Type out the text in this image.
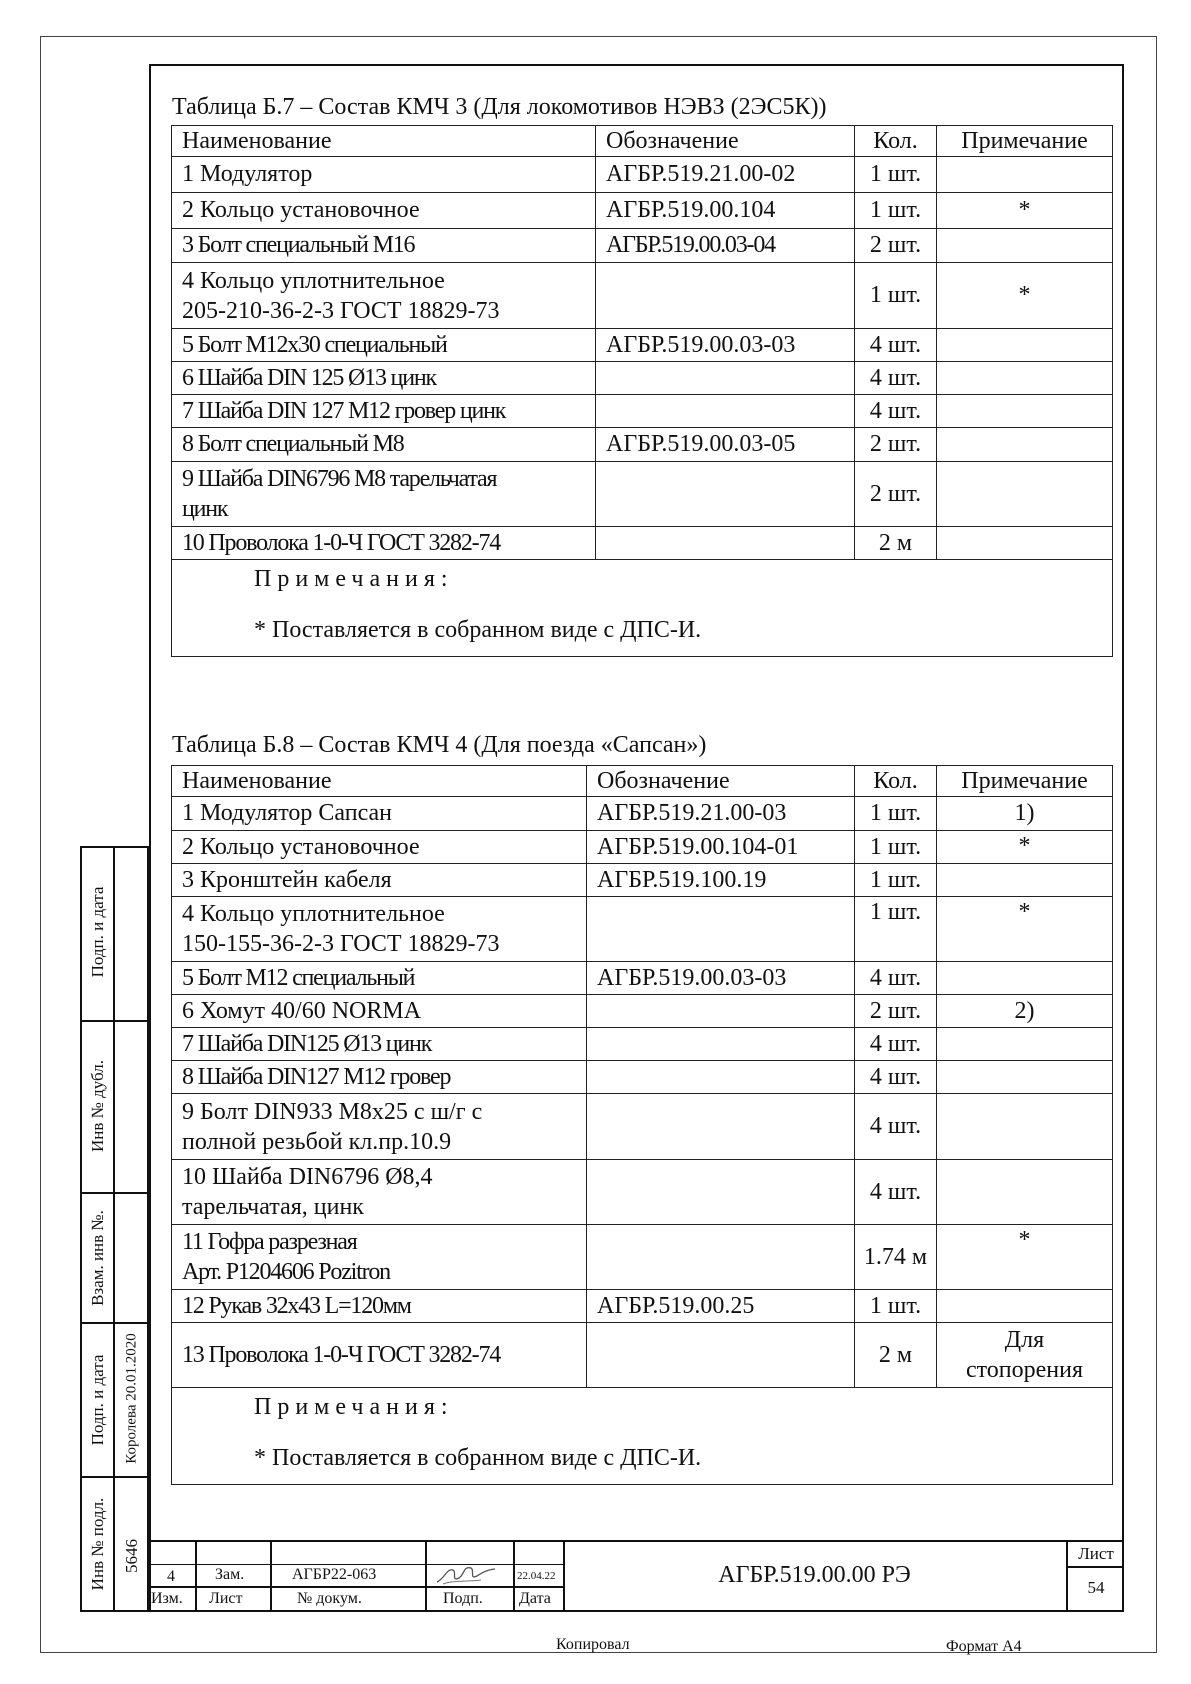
Таблица Б.7 – Состав КМЧ 3 (Для локомотивов НЭВЗ (2ЭС5К))
Наименование	Обозначение	Кол.	Примечание
1 Модулятор	АГБР.519.21.00-02	1 шт.	
2 Кольцо установочное	АГБР.519.00.104	1 шт.	*
3 Болт специальный М16	АГБР.519.00.03-04	2 шт.	

4 Кольцо уплотнительное
205-210-36-2-3 ГОСТ 18829-73		1 шт.	*
5 Болт М12х30 специальный	АГБР.519.00.03-03	4 шт.	
6 Шайба DIN 125 Ø13 цинк		4 шт.	
7 Шайба DIN 127 М12 гровер цинк		4 шт.	
8 Болт специальный М8	АГБР.519.00.03-05	2 шт.	

9 Шайба DIN6796 М8 тарельчатая
цинк		2 шт.	
10 Проволока 1-0-Ч ГОСТ 3282-74		2 м	

Примечания:
* Поставляется в собранном виде с ДПС-И.			
Таблица Б.8 – Состав КМЧ 4 (Для поезда «Сапсан»)
Наименование	Обозначение	Кол.	Примечание
1 Модулятор Сапсан	АГБР.519.21.00-03	1 шт.	1)
2 Кольцо установочное	АГБР.519.00.104-01	1 шт.	*
3 Кронштейн кабеля	АГБР.519.100.19	1 шт.	

4 Кольцо уплотнительное
150-155-36-2-3 ГОСТ 18829-73		1 шт.	*
5 Болт М12 специальный	АГБР.519.00.03-03	4 шт.	
6 Хомут 40/60 NORMA		2 шт.	2)
7 Шайба DIN125 Ø13 цинк		4 шт.	
8 Шайба DIN127 М12 гровер		4 шт.	

9 Болт DIN933 М8х25 с ш/г с
полной резьбой кл.пр.10.9		4 шт.	

10 Шайба DIN6796 Ø8,4
тарельчатая, цинк		4 шт.	

11 Гофра разрезная
Арт. P1204606 Pozitron		1.74 м	*
12 Рукав 32х43 L=120мм	АГБР.519.00.25	1 шт.	
13 Проволока 1-0-Ч ГОСТ 3282-74		2 м	Для
стопорения

Примечания:
* Поставляется в собранном виде с ДПС-И.			
Подп. и дата
Инв № дубл.
Взам. инв №.
Подп. и дата Королева 20.01.2020
Инв № подл. 5646
4	Зам.	АГБР22-063	22.04.22
Изм. Лист	№ докум.	Подп. Дата
АГБР.519.00.00 РЭ
Лист
54
Копировал	Формат А4
